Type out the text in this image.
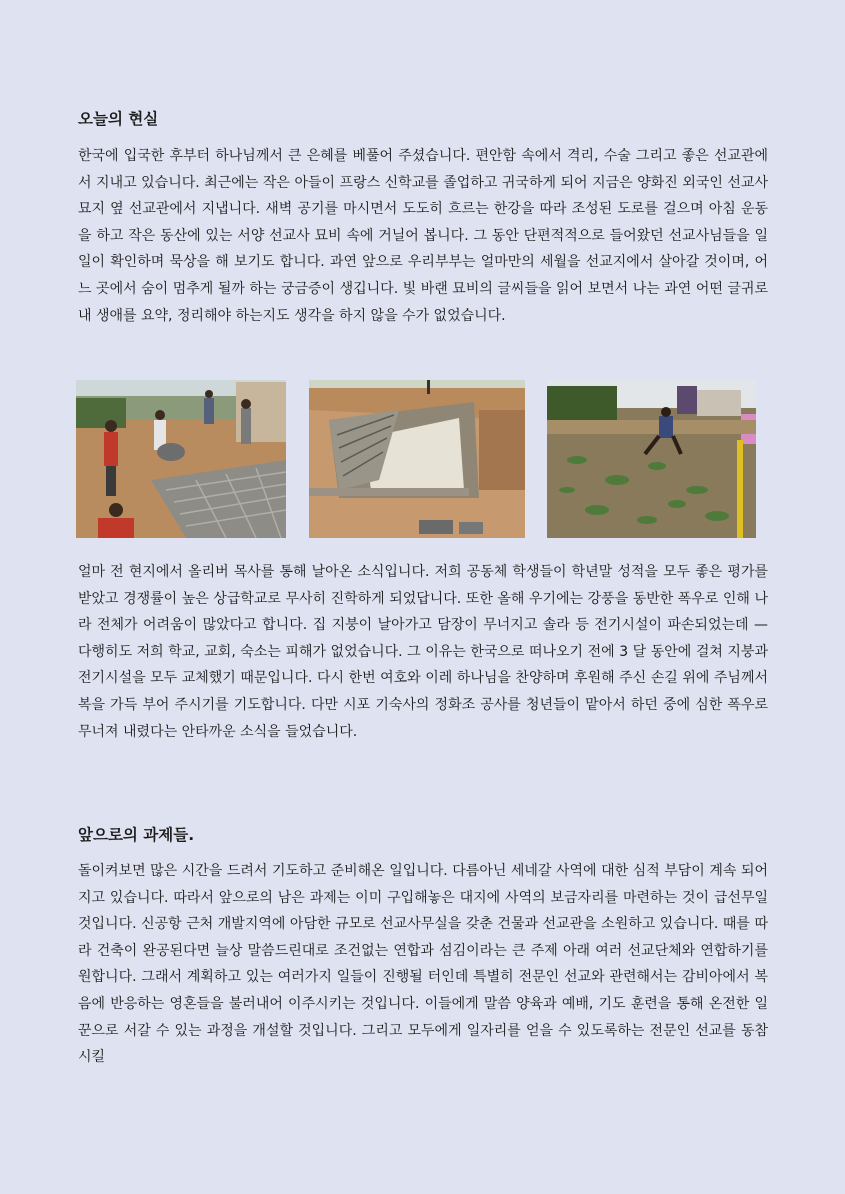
오늘의 현실

한국에 입국한 후부터 하나님께서 큰 은혜를 베풀어 주셨습니다. 편안함 속에서 격리, 수술 그리고 좋은 선교관에서 지내고 있습니다. 최근에는 작은 아들이 프랑스 신학교를 졸업하고 귀국하게 되어 지금은 양화진 외국인 선교사 묘지 옆 선교관에서 지냅니다. 새벽 공기를 마시면서 도도히 흐르는 한강을 따라 조성된 도로를 걸으며 아침 운동을 하고 작은 동산에 있는 서양 선교사 묘비 속에 거닐어 봅니다. 그 동안 단편적적으로 들어왔던 선교사님들을 일일이 확인하며 묵상을 해 보기도 합니다. 과연 앞으로 우리부부는 얼마만의 세월을 선교지에서 살아갈 것이며, 어느 곳에서 숨이 멈추게 될까 하는 궁금증이 생깁니다. 빛 바랜 묘비의 글씨들을 읽어 보면서 나는 과연 어떤 글귀로 내 생애를 요약, 정리해야 하는지도 생각을 하지 않을 수가 없었습니다.

얼마 전 현지에서 올리버 목사를 통해 날아온 소식입니다. 저희 공동체 학생들이 학년말 성적을 모두 좋은 평가를 받았고 경쟁률이 높은 상급학교로 무사히 진학하게 되었답니다. 또한 올해 우기에는 강풍을 동반한 폭우로 인해 나라 전체가 어려움이 많았다고 합니다. 집 지붕이 날아가고 담장이 무너지고 솔라 등 전기시설이 파손되었는데 — 다행히도 저희 학교, 교회, 숙소는 피해가 없었습니다. 그 이유는 한국으로 떠나오기 전에 3 달 동안에 걸쳐 지붕과 전기시설을 모두 교체했기 때문입니다. 다시 한번 여호와 이레 하나님을 찬양하며 후원해 주신 손길 위에 주님께서 복을 가득 부어 주시기를 기도합니다. 다만 시포 기숙사의 정화조 공사를 청년들이 맡아서 하던 중에 심한 폭우로 무너져 내렸다는 안타까운 소식을 들었습니다.

앞으로의 과제들.

돌이켜보면 많은 시간을 드려서 기도하고 준비해온 일입니다. 다름아닌 세네갈 사역에 대한 심적 부담이 계속 되어지고 있습니다. 따라서 앞으로의 남은 과제는 이미 구입해놓은 대지에 사역의 보금자리를 마련하는 것이 급선무일 것입니다. 신공항 근처 개발지역에 아담한 규모로 선교사무실을 갖춘 건물과 선교관을 소원하고 있습니다. 때를 따라 건축이 완공된다면 늘상 말씀드린대로 조건없는 연합과 섬김이라는 큰 주제 아래 여러 선교단체와 연합하기를 원합니다. 그래서 계획하고 있는 여러가지 일들이 진행될 터인데 특별히 전문인 선교와 관련해서는 감비아에서 복음에 반응하는 영혼들을 불러내어 이주시키는 것입니다. 이들에게 말씀 양육과 예배, 기도 훈련을 통해 온전한 일꾼으로 서갈 수 있는 과정을 개설할 것입니다. 그리고 모두에게 일자리를 얻을 수 있도록하는 전문인 선교를 동참시킬
